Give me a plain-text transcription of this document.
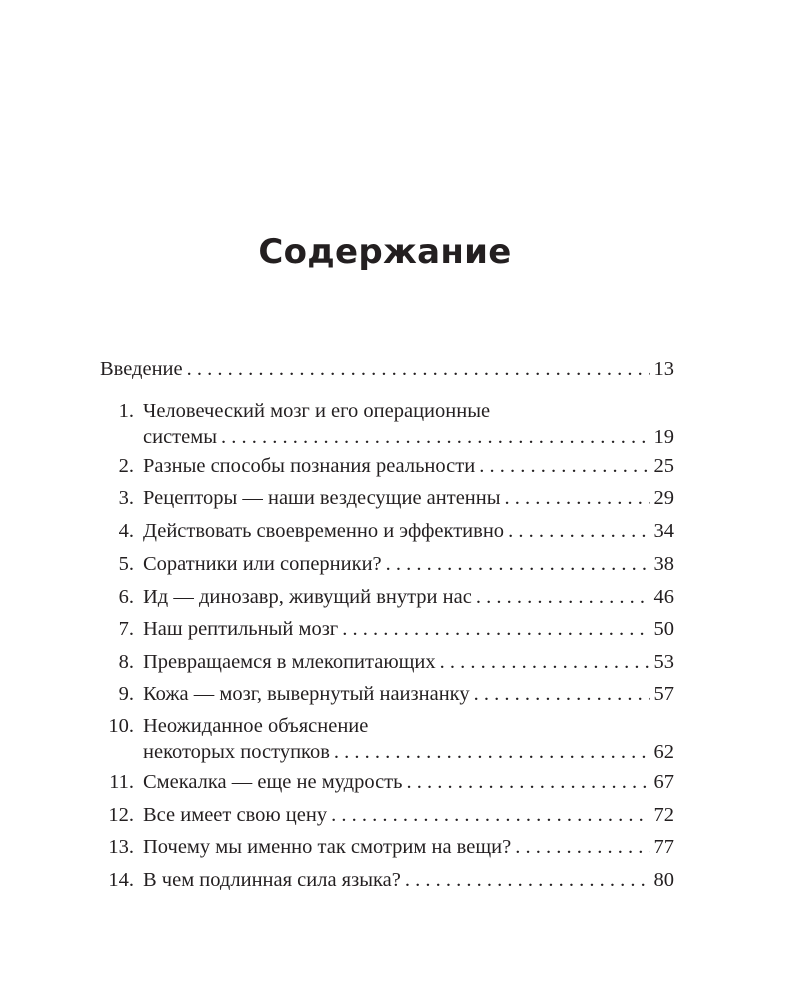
Содержание
Введение . . .	13
1. Человеческий мозг и его операционные
системы . . .	19
2. Разные способы познания реальности . . .	25
3. Рецепторы — наши вездесущие антенны . . .	29
4. Действовать своевременно и эффективно . . .	34
5. Соратники или соперники? . . .	38
6. Ид — динозавр, живущий внутри нас . . .	46
7. Наш рептильный мозг . . .	50
8. Превращаемся в млекопитающих . . .	53
9. Кожа — мозг, вывернутый наизнанку . . .	57
10. Неожиданное объяснение
некоторых поступков . . .	62
11. Смекалка — еще не мудрость . . .	67
12. Все имеет свою цену . . .	72
13. Почему мы именно так смотрим на вещи? . . .	77
14. В чем подлинная сила языка? . . .	80
